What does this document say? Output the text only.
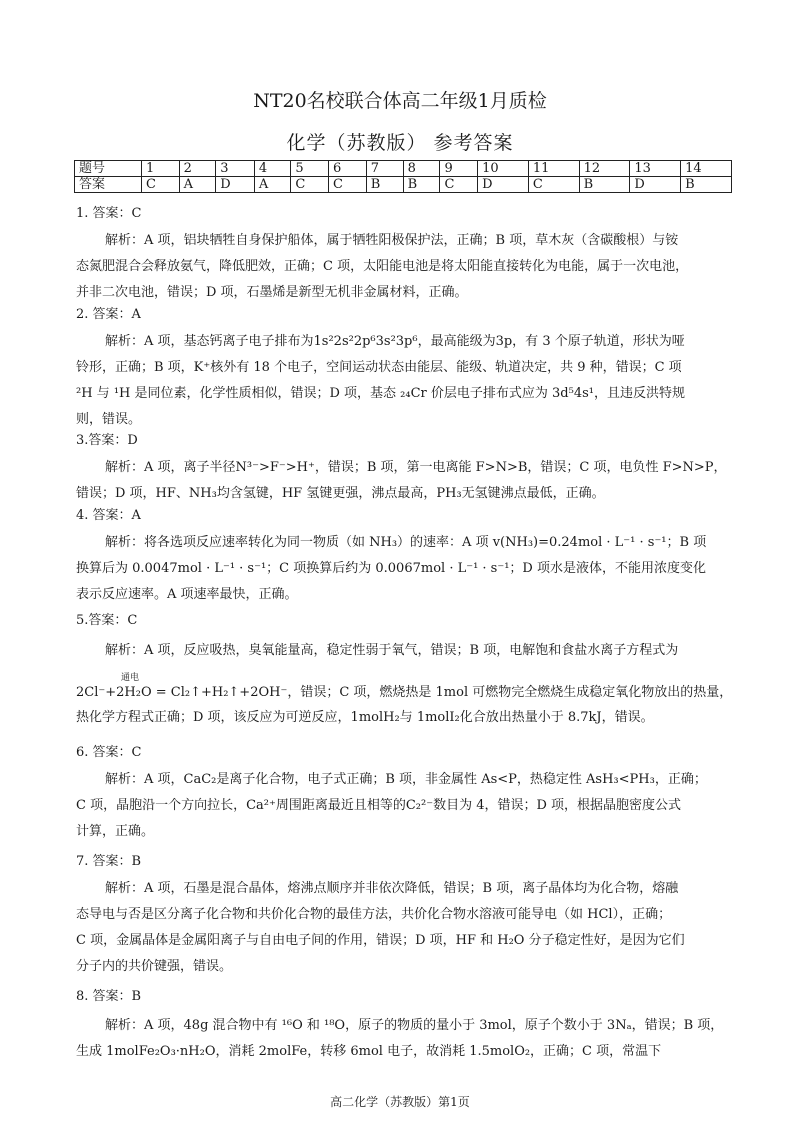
NT20名校联合体高二年级1月质检
化学（苏教版） 参考答案
题号	1	2	3	4	5	6	7	8	9	10	11	12	13	14
答案	C	A	D	A	C	C	B	B	C	D	C	B	D	B
1. 答案：C
解析：A 项，铝块牺牲自身保护船体，属于牺牲阳极保护法，正确；B 项，草木灰（含碳酸根）与铵
态氮肥混合会释放氨气，降低肥效，正确；C 项，太阳能电池是将太阳能直接转化为电能，属于一次电池，
并非二次电池，错误；D 项，石墨烯是新型无机非金属材料，正确。
2. 答案：A
解析：A 项，基态钙离子电子排布为1s²2s²2p⁶3s²3p⁶，最高能级为3p，有 3 个原子轨道，形状为哑
铃形，正确；B 项，K⁺核外有 18 个电子，空间运动状态由能层、能级、轨道决定，共 9 种，错误；C 项
²H 与 ¹H 是同位素，化学性质相似，错误；D 项，基态 ₂₄Cr 价层电子排布式应为 3d⁵4s¹，且违反洪特规
则，错误。
3.答案：D
解析：A 项，离子半径N³⁻>F⁻>H⁺，错误；B 项，第一电离能 F>N>B，错误；C 项，电负性 F>N>P，
错误；D 项，HF、NH₃均含氢键，HF 氢键更强，沸点最高，PH₃无氢键沸点最低，正确。
4. 答案：A
解析：将各选项反应速率转化为同一物质（如 NH₃）的速率：A 项 v(NH₃)=0.24mol · L⁻¹ · s⁻¹；B 项
换算后为 0.0047mol · L⁻¹ · s⁻¹；C 项换算后约为 0.0067mol · L⁻¹ · s⁻¹；D 项水是液体，不能用浓度变化
表示反应速率。A 项速率最快，正确。
5.答案：C
解析：A 项，反应吸热，臭氧能量高，稳定性弱于氧气，错误；B 项，电解饱和食盐水离子方程式为
通电
2Cl⁻+2H₂O = Cl₂↑+H₂↑+2OH⁻，错误；C 项，燃烧热是 1mol 可燃物完全燃烧生成稳定氧化物放出的热量，
热化学方程式正确；D 项，该反应为可逆反应，1molH₂与 1molI₂化合放出热量小于 8.7kJ，错误。
6. 答案：C
解析：A 项，CaC₂是离子化合物，电子式正确；B 项，非金属性 As<P，热稳定性 AsH₃<PH₃，正确；
C 项，晶胞沿一个方向拉长，Ca²⁺周围距离最近且相等的C₂²⁻数目为 4，错误；D 项，根据晶胞密度公式
计算，正确。
7. 答案：B
解析：A 项，石墨是混合晶体，熔沸点顺序并非依次降低，错误；B 项，离子晶体均为化合物，熔融
态导电与否是区分离子化合物和共价化合物的最佳方法，共价化合物水溶液可能导电（如 HCl），正确；
C 项，金属晶体是金属阳离子与自由电子间的作用，错误；D 项，HF 和 H₂O 分子稳定性好，是因为它们
分子内的共价键强，错误。
8. 答案：B
解析：A 项，48g 混合物中有 ¹⁶O 和 ¹⁸O，原子的物质的量小于 3mol，原子个数小于 3Nₐ，错误；B 项，
生成 1molFe₂O₃·nH₂O，消耗 2molFe，转移 6mol 电子，故消耗 1.5molO₂，正确；C 项，常温下
高二化学（苏教版）第1页
